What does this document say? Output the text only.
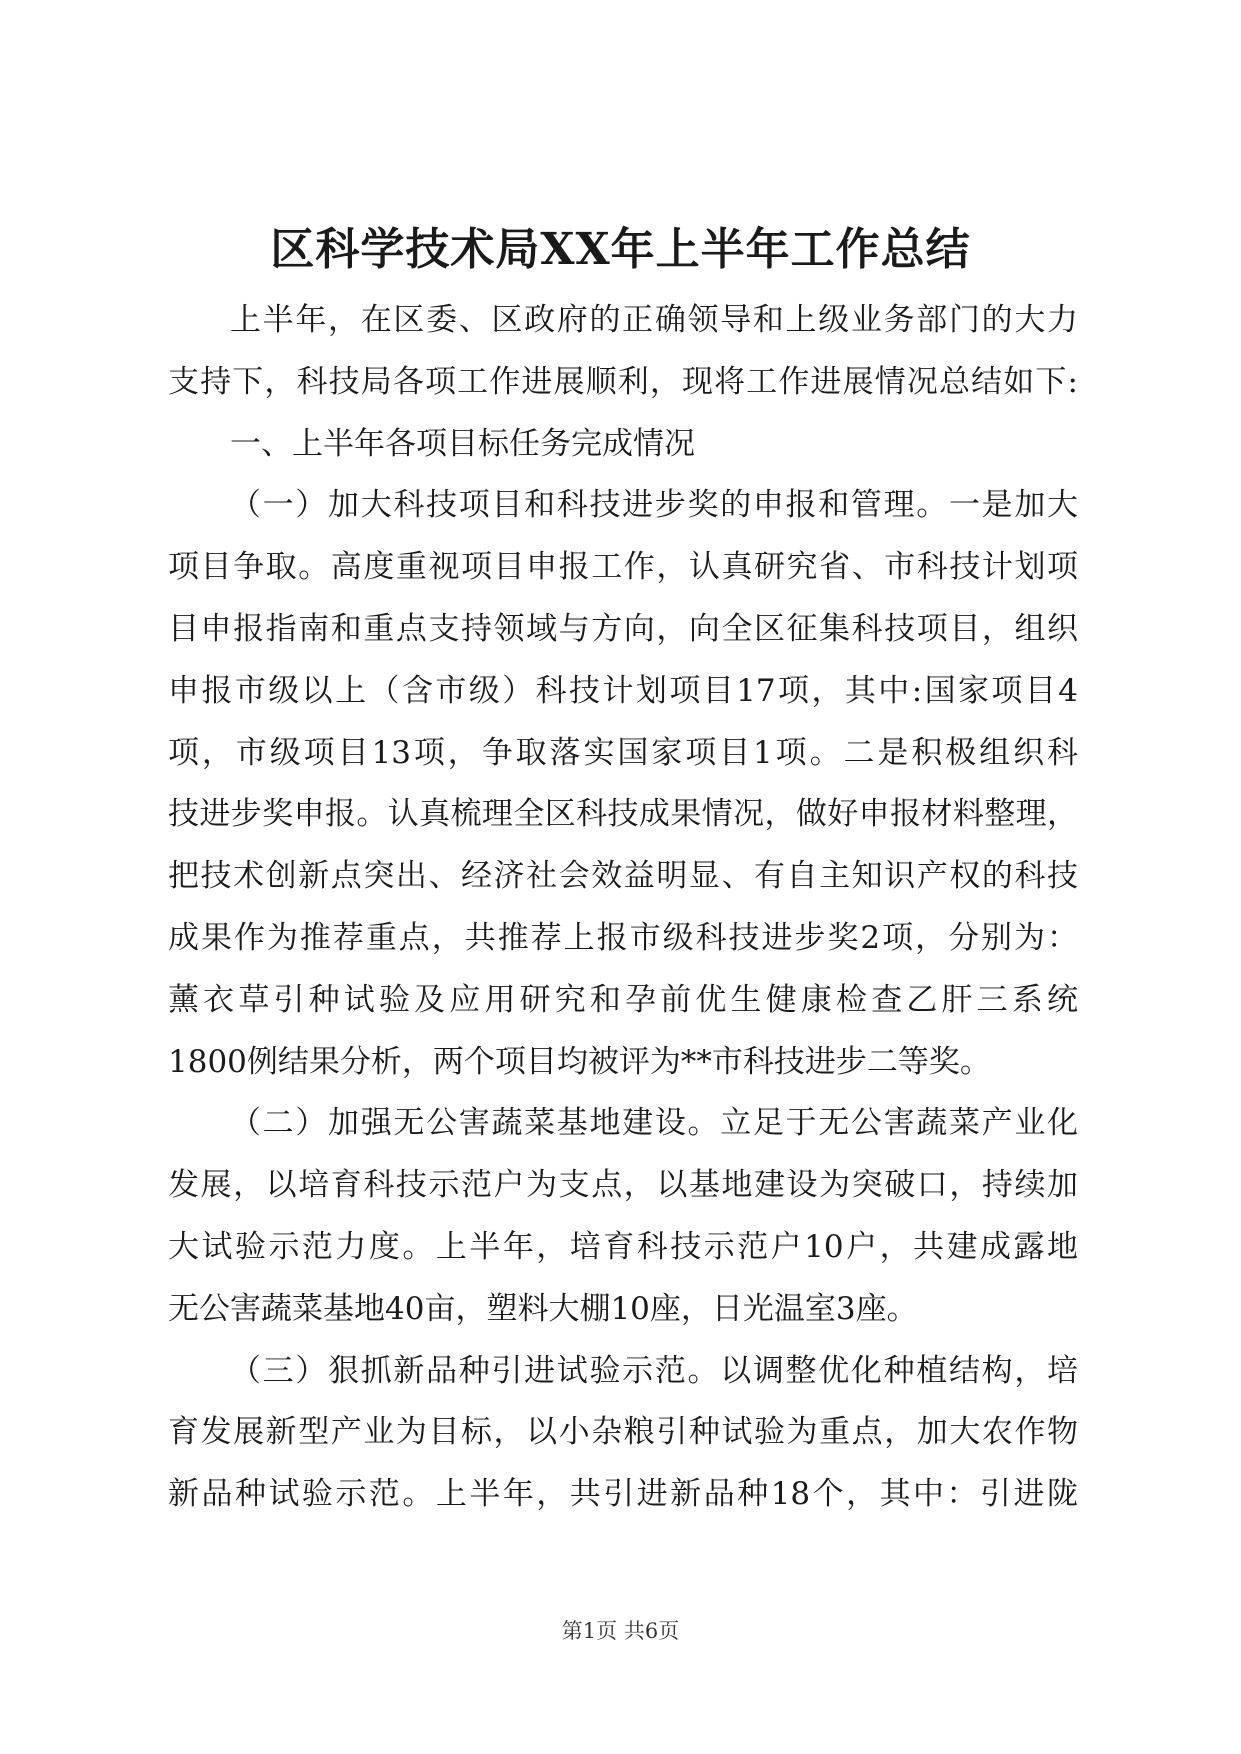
区科学技术局XX年上半年工作总结
上半年，在区委、区政府的正确领导和上级业务部门的大力
支持下，科技局各项工作进展顺利，现将工作进展情况总结如下:
一、上半年各项目标任务完成情况
（一）加大科技项目和科技进步奖的申报和管理。一是加大
项目争取。高度重视项目申报工作，认真研究省、市科技计划项
目申报指南和重点支持领域与方向，向全区征集科技项目，组织
申报市级以上（含市级）科技计划项目17项，其中:国家项目4
项，市级项目13项，争取落实国家项目1项。二是积极组织科
技进步奖申报。认真梳理全区科技成果情况，做好申报材料整理，
把技术创新点突出、经济社会效益明显、有自主知识产权的科技
成果作为推荐重点，共推荐上报市级科技进步奖2项，分别为：
薰衣草引种试验及应用研究和孕前优生健康检查乙肝三系统
1800例结果分析，两个项目均被评为**市科技进步二等奖。
（二）加强无公害蔬菜基地建设。立足于无公害蔬菜产业化
发展，以培育科技示范户为支点，以基地建设为突破口，持续加
大试验示范力度。上半年，培育科技示范户10户，共建成露地
无公害蔬菜基地40亩，塑料大棚10座，日光温室3座。
（三）狠抓新品种引进试验示范。以调整优化种植结构，培
育发展新型产业为目标，以小杂粮引种试验为重点，加大农作物
新品种试验示范。上半年，共引进新品种18个，其中：引进陇
第1页 共6页
